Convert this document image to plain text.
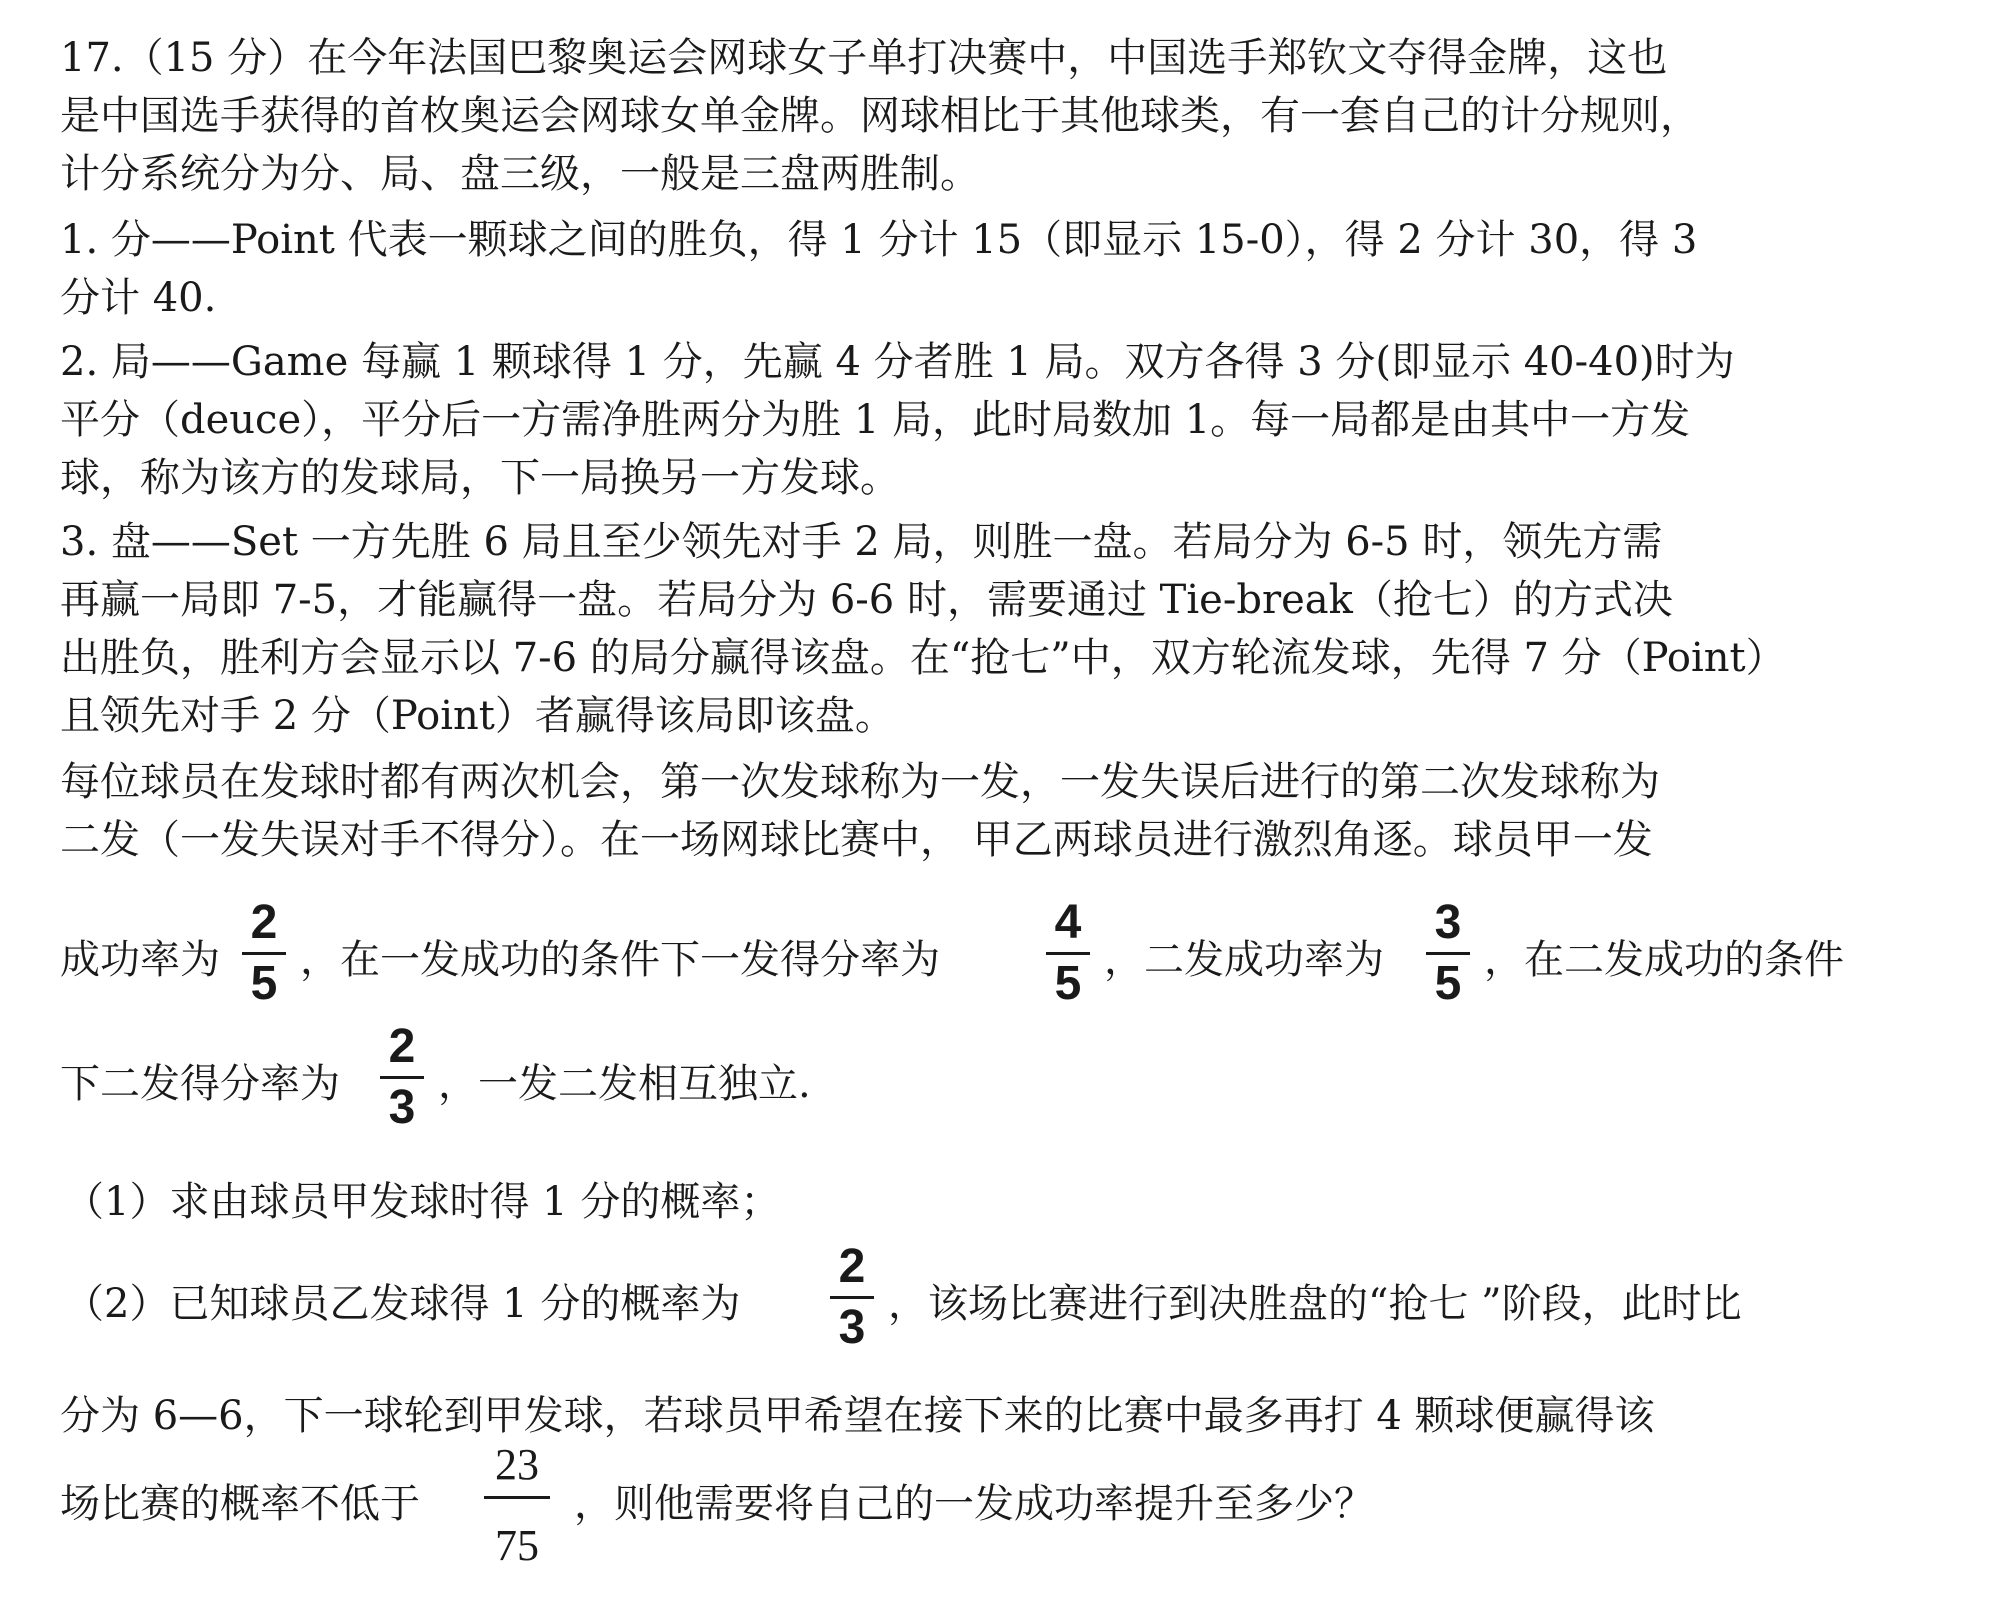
17.（15 分）在今年法国巴黎奥运会网球女子单打决赛中，中国选手郑钦文夺得金牌，这也
是中国选手获得的首枚奥运会网球女单金牌。网球相比于其他球类，有一套自己的计分规则，
计分系统分为分、局、盘三级，一般是三盘两胜制。
1. 分——Point 代表一颗球之间的胜负，得 1 分计 15（即显示 15-0），得 2 分计 30，得 3
分计 40.
2. 局——Game 每赢 1 颗球得 1 分，先赢 4 分者胜 1 局。双方各得 3 分(即显示 40-40)时为
平分（deuce），平分后一方需净胜两分为胜 1 局，此时局数加 1。每一局都是由其中一方发
球，称为该方的发球局，下一局换另一方发球。
3. 盘——Set 一方先胜 6 局且至少领先对手 2 局，则胜一盘。若局分为 6-5 时，领先方需
再赢一局即 7-5，才能赢得一盘。若局分为 6-6 时，需要通过 Tie-break（抢七）的方式决
出胜负，胜利方会显示以 7-6 的局分赢得该盘。在“抢七”中，双方轮流发球，先得 7 分（Point）
且领先对手 2 分（Point）者赢得该局即该盘。
每位球员在发球时都有两次机会，第一次发球称为一发，一发失误后进行的第二次发球称为
二发（一发失误对手不得分）。在一场网球比赛中， 甲乙两球员进行激烈角逐。球员甲一发
成功率为
2
5 ，在一发成功的条件下一发得分率为
4
5 ，二发成功率为
3
5 ，在二发成功的条件
下二发得分率为
2
3 ，一发二发相互独立.
（1）求由球员甲发球时得 1 分的概率；
（2）已知球员乙发球得 1 分的概率为
2
3 ，该场比赛进行到决胜盘的“抢七 ”阶段，此时比
分为 6—6，下一球轮到甲发球，若球员甲希望在接下来的比赛中最多再打 4 颗球便赢得该
场比赛的概率不低于
23
75
，则他需要将自己的一发成功率提升至多少？
